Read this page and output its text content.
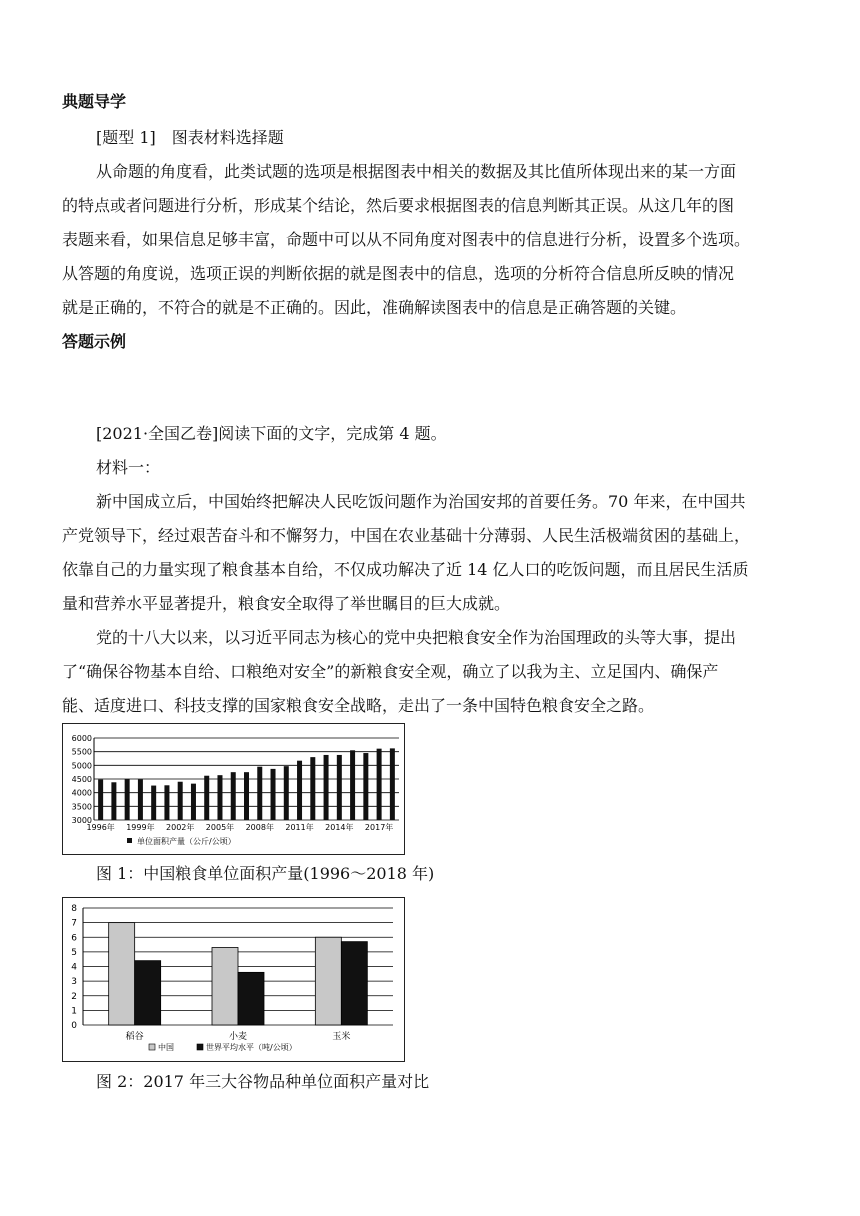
典题导学
[题型 1]　图表材料选择题
从命题的角度看，此类试题的选项是根据图表中相关的数据及其比值所体现出来的某一方面
的特点或者问题进行分析，形成某个结论，然后要求根据图表的信息判断其正误。从这几年的图
表题来看，如果信息足够丰富，命题中可以从不同角度对图表中的信息进行分析，设置多个选项。
从答题的角度说，选项正误的判断依据的就是图表中的信息，选项的分析符合信息所反映的情况
就是正确的，不符合的就是不正确的。因此，准确解读图表中的信息是正确答题的关键。
答题示例
[2021·全国乙卷]阅读下面的文字，完成第 4 题。
材料一：
新中国成立后，中国始终把解决人民吃饭问题作为治国安邦的首要任务。70 年来，在中国共
产党领导下，经过艰苦奋斗和不懈努力，中国在农业基础十分薄弱、人民生活极端贫困的基础上，
依靠自己的力量实现了粮食基本自给，不仅成功解决了近 14 亿人口的吃饭问题，而且居民生活质
量和营养水平显著提升，粮食安全取得了举世瞩目的巨大成就。
党的十八大以来，以习近平同志为核心的党中央把粮食安全作为治国理政的头等大事，提出
了“确保谷物基本自给、口粮绝对安全”的新粮食安全观，确立了以我为主、立足国内、确保产
能、适度进口、科技支撑的国家粮食安全战略，走出了一条中国特色粮食安全之路。
3000
3500
4000
4500
5000
5500
6000
1996年 1999年 2002年 2005年 2008年 2011年 2014年 2017年
单位面积产量（公斤/公顷）
图 1：中国粮食单位面积产量(1996～2018 年)
0
1
2
3
4
5
6
7
8
稻谷	小麦	玉米
中国	世界平均水平（吨/公顷）
图 2：2017 年三大谷物品种单位面积产量对比
